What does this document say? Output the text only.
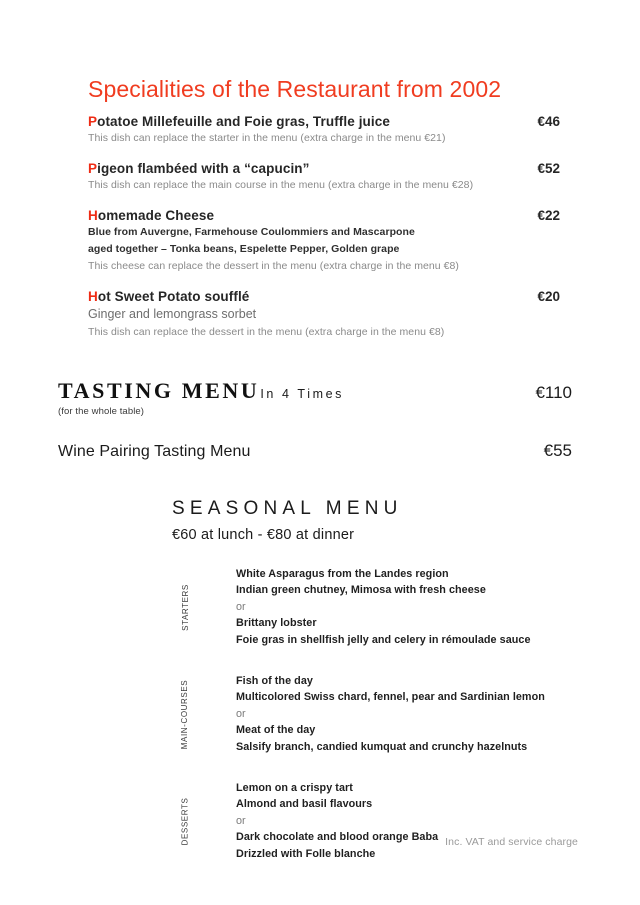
Specialities of the Restaurant from 2002
Potatoe Millefeuille and Foie gras, Truffle juice	€46
This dish can replace the starter in the menu (extra charge in the menu €21)
Pigeon flambéed with a “capucin”	€52
This dish can replace the main course in the menu (extra charge in the menu €28)
Homemade Cheese	€22
Blue from Auvergne, Farmehouse Coulommiers and Mascarpone
aged together – Tonka beans, Espelette Pepper, Golden grape
This cheese can replace the dessert in the menu (extra charge in the menu €8)
Hot Sweet Potato soufflé	€20
Ginger and lemongrass sorbet
This dish can replace the dessert in the menu (extra charge in the menu €8)
TASTING MENU In 4 Times	€110
(for the whole table)
Wine Pairing Tasting Menu	€55
SEASONAL MENU
€60 at lunch - €80 at dinner
STARTERS
White Asparagus from the Landes region
Indian green chutney, Mimosa with fresh cheese
or
Brittany lobster
Foie gras in shellfish jelly and celery in rémoulade sauce
MAIN-COURSES	Fish of the day
Multicolored Swiss chard, fennel, pear and Sardinian lemon
or
Meat of the day
Salsify branch, candied kumquat and crunchy hazelnuts
DESSERTS
Lemon on a crispy tart
Almond and basil flavours
or
Dark chocolate and blood orange Baba
Drizzled with Folle blanche
Inc. VAT and service charge
